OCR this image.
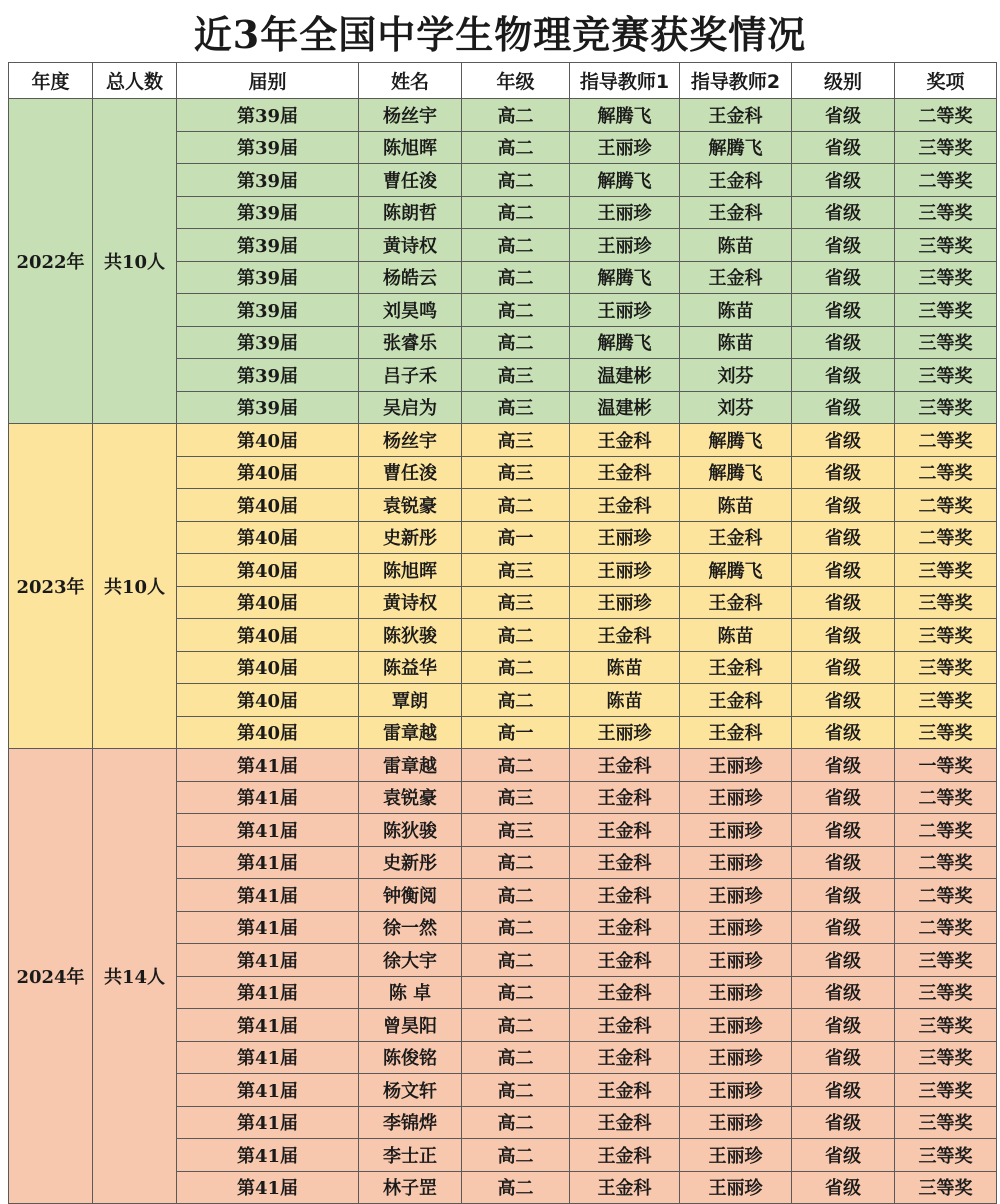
近3年全国中学生物理竞赛获奖情况
年度	总人数	届别	姓名	年级	指导教师1	指导教师2	级别	奖项
2022年	共10人	第39届	杨丝宇	高二	解腾飞	王金科	省级	二等奖
		第39届	陈旭晖	高二	王丽珍	解腾飞	省级	三等奖
		第39届	曹任浚	高二	解腾飞	王金科	省级	二等奖
		第39届	陈朗哲	高二	王丽珍	王金科	省级	三等奖
		第39届	黄诗权	高二	王丽珍	陈苗	省级	三等奖
		第39届	杨皓云	高二	解腾飞	王金科	省级	三等奖
		第39届	刘昊鸣	高二	王丽珍	陈苗	省级	三等奖
		第39届	张睿乐	高二	解腾飞	陈苗	省级	三等奖
		第39届	吕子禾	高三	温建彬	刘芬	省级	三等奖
		第39届	吴启为	高三	温建彬	刘芬	省级	三等奖
2023年	共10人	第40届	杨丝宇	高三	王金科	解腾飞	省级	二等奖
		第40届	曹任浚	高三	王金科	解腾飞	省级	二等奖
		第40届	袁锐豪	高二	王金科	陈苗	省级	二等奖
		第40届	史新彤	高一	王丽珍	王金科	省级	二等奖
		第40届	陈旭晖	高三	王丽珍	解腾飞	省级	三等奖
		第40届	黄诗权	高三	王丽珍	王金科	省级	三等奖
		第40届	陈狄骏	高二	王金科	陈苗	省级	三等奖
		第40届	陈益华	高二	陈苗	王金科	省级	三等奖
		第40届	覃朗	高二	陈苗	王金科	省级	三等奖
		第40届	雷章越	高一	王丽珍	王金科	省级	三等奖
2024年	共14人	第41届	雷章越	高二	王金科	王丽珍	省级	一等奖
		第41届	袁锐豪	高三	王金科	王丽珍	省级	二等奖
		第41届	陈狄骏	高三	王金科	王丽珍	省级	二等奖
		第41届	史新彤	高二	王金科	王丽珍	省级	二等奖
		第41届	钟衡阅	高二	王金科	王丽珍	省级	二等奖
		第41届	徐一然	高二	王金科	王丽珍	省级	二等奖
		第41届	徐大宇	高二	王金科	王丽珍	省级	三等奖
		第41届	陈 卓	高二	王金科	王丽珍	省级	三等奖
		第41届	曾昊阳	高二	王金科	王丽珍	省级	三等奖
		第41届	陈俊铭	高二	王金科	王丽珍	省级	三等奖
		第41届	杨文轩	高二	王金科	王丽珍	省级	三等奖
		第41届	李锦烨	高二	王金科	王丽珍	省级	三等奖
		第41届	李士正	高二	王金科	王丽珍	省级	三等奖
		第41届	林子罡	高二	王金科	王丽珍	省级	三等奖
